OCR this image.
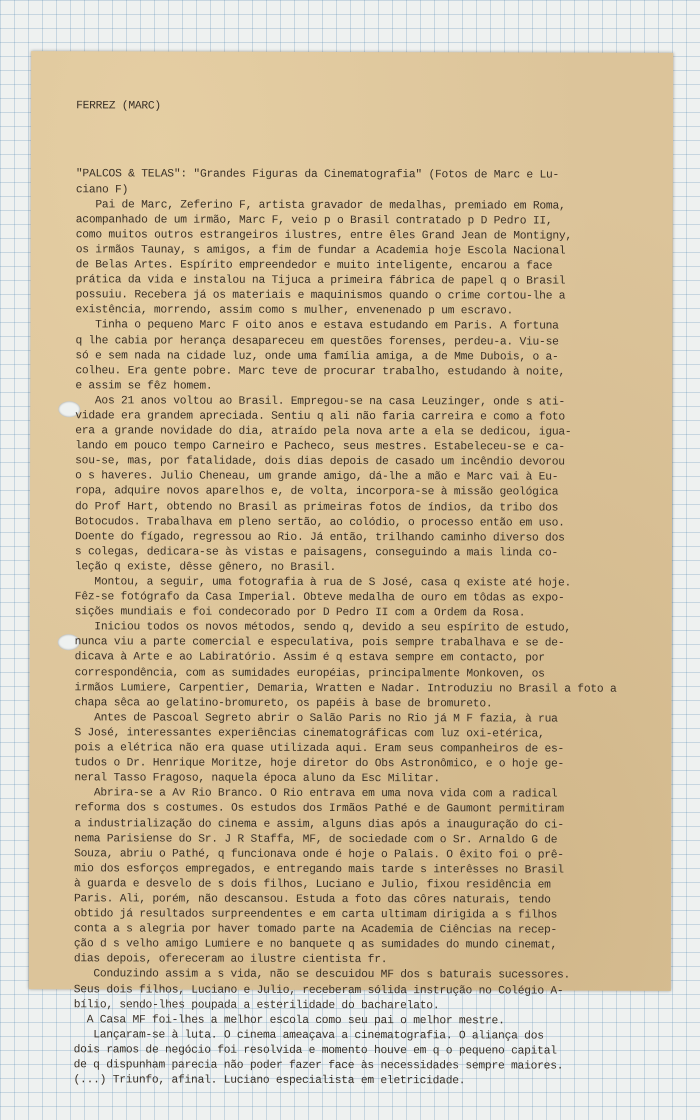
FERREZ (MARC)

"PALCOS & TELAS": "Grandes Figuras da Cinematografia" (Fotos de Marc e Lu-
ciano F)
Pai de Marc, Zeferino F, artista gravador de medalhas, premiado em Roma,
acompanhado de um irmão, Marc F, veio p o Brasil contratado p D Pedro II,
como muitos outros estrangeiros ilustres, entre êles Grand Jean de Montigny,
os irmãos Taunay, s amigos, a fim de fundar a Academia hoje Escola Nacional
de Belas Artes. Espírito empreendedor e muito inteligente, encarou a face
prática da vida e instalou na Tijuca a primeira fábrica de papel q o Brasil
possuiu. Recebera já os materiais e maquinismos quando o crime cortou-lhe a
existência, morrendo, assim como s mulher, envenenado p um escravo.
Tinha o pequeno Marc F oito anos e estava estudando em Paris. A fortuna
q lhe cabia por herança desapareceu em questões forenses, perdeu-a. Viu-se
só e sem nada na cidade luz, onde uma família amiga, a de Mme Dubois, o a-
colheu. Era gente pobre. Marc teve de procurar trabalho, estudando à noite,
e assim se fêz homem.
Aos 21 anos voltou ao Brasil. Empregou-se na casa Leuzinger, onde s ati-
vidade era grandem apreciada. Sentiu q ali não faria carreira e como a foto
era a grande novidade do dia, atraído pela nova arte a ela se dedicou, igua-
lando em pouco tempo Carneiro e Pacheco, seus mestres. Estabeleceu-se e ca-
sou-se, mas, por fatalidade, dois dias depois de casado um incêndio devorou
o s haveres. Julio Cheneau, um grande amigo, dá-lhe a mão e Marc vai à Eu-
ropa, adquire novos aparelhos e, de volta, incorpora-se à missão geológica
do Prof Hart, obtendo no Brasil as primeiras fotos de índios, da tribo dos
Botocudos. Trabalhava em pleno sertão, ao colódio, o processo então em uso.
Doente do fígado, regressou ao Rio. Já então, trilhando caminho diverso dos
s colegas, dedicara-se às vistas e paisagens, conseguindo a mais linda co-
leção q existe, dêsse gênero, no Brasil.
Montou, a seguir, uma fotografia à rua de S José, casa q existe até hoje.
Fêz-se fotógrafo da Casa Imperial. Obteve medalha de ouro em tôdas as expo-
sições mundiais e foi condecorado por D Pedro II com a Ordem da Rosa.
Iniciou todos os novos métodos, sendo q, devido a seu espírito de estudo,
nunca viu a parte comercial e especulativa, pois sempre trabalhava e se de-
dicava à Arte e ao Labiratório. Assim é q estava sempre em contacto, por
correspondência, com as sumidades européias, principalmente Monkoven, os
irmãos Lumiere, Carpentier, Demaria, Wratten e Nadar. Introduziu no Brasil a foto a
chapa sêca ao gelatino-bromureto, os papéis à base de bromureto.
Antes de Pascoal Segreto abrir o Salão Paris no Rio já M F fazia, à rua
S José, interessantes experiências cinematográficas com luz oxi-etérica,
pois a elétrica não era quase utilizada aqui. Eram seus companheiros de es-
tudos o Dr. Henrique Moritze, hoje diretor do Obs Astronômico, e o hoje ge-
neral Tasso Fragoso, naquela época aluno da Esc Militar.
Abrira-se a Av Rio Branco. O Rio entrava em uma nova vida com a radical
reforma dos s costumes. Os estudos dos Irmãos Pathé e de Gaumont permitiram
a industrialização do cinema e assim, alguns dias após a inauguração do ci-
nema Parisiense do Sr. J R Staffa, MF, de sociedade com o Sr. Arnaldo G de
Souza, abriu o Pathé, q funcionava onde é hoje o Palais. O êxito foi o prê-
mio dos esforços empregados, e entregando mais tarde s interêsses no Brasil
à guarda e desvelo de s dois filhos, Luciano e Julio, fixou residência em
Paris. Ali, porém, não descansou. Estuda a foto das côres naturais, tendo
obtido já resultados surpreendentes e em carta ultimam dirigida a s filhos
conta a s alegria por haver tomado parte na Academia de Ciências na recep-
ção d s velho amigo Lumiere e no banquete q as sumidades do mundo cinemat,
dias depois, ofereceram ao ilustre cientista fr.
Conduzindo assim a s vida, não se descuidou MF dos s baturais sucessores.
Seus dois filhos, Luciano e Julio, receberam sólida instrução no Colégio A-
bílio, sendo-lhes poupada a esterilidade do bacharelato.
A Casa MF foi-lhes a melhor escola como seu pai o melhor mestre.
Lançaram-se à luta. O cinema ameaçava a cinematografia. O aliança dos
dois ramos de negócio foi resolvida e momento houve em q o pequeno capital
de q dispunham parecia não poder fazer face às necessidades sempre maiores.
(...) Triunfo, afinal. Luciano especialista em eletricidade.
